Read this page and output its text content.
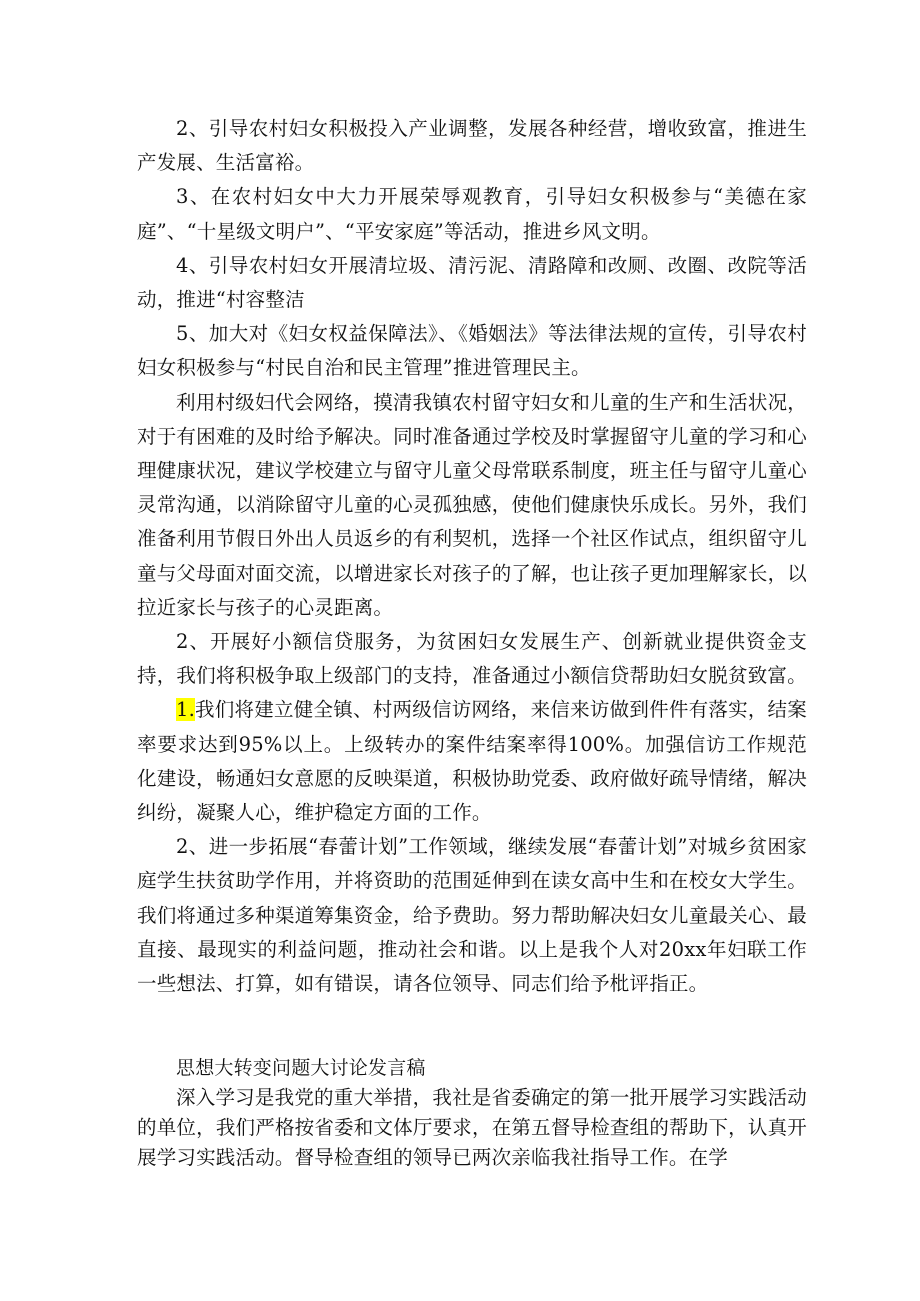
2、引导农村妇女积极投入产业调整，发展各种经营，增收致富，推进生产发展、生活富裕。

3、在农村妇女中大力开展荣辱观教育，引导妇女积极参与“美德在家庭”、“十星级文明户”、“平安家庭”等活动，推进乡风文明。

4、引导农村妇女开展清垃圾、清污泥、清路障和改厕、改圈、改院等活动，推进“村容整洁

5、加大对《妇女权益保障法》、《婚姻法》等法律法规的宣传，引导农村妇女积极参与“村民自治和民主管理”推进管理民主。

利用村级妇代会网络，摸清我镇农村留守妇女和儿童的生产和生活状况，对于有困难的及时给予解决。同时准备通过学校及时掌握留守儿童的学习和心理健康状况，建议学校建立与留守儿童父母常联系制度，班主任与留守儿童心灵常沟通，以消除留守儿童的心灵孤独感，使他们健康快乐成长。另外，我们准备利用节假日外出人员返乡的有利契机，选择一个社区作试点，组织留守儿童与父母面对面交流，以增进家长对孩子的了解，也让孩子更加理解家长，以拉近家长与孩子的心灵距离。

2、开展好小额信贷服务，为贫困妇女发展生产、创新就业提供资金支持，我们将积极争取上级部门的支持，准备通过小额信贷帮助妇女脱贫致富。

1.我们将建立健全镇、村两级信访网络，来信来访做到件件有落实，结案率要求达到95%以上。上级转办的案件结案率得100%。加强信访工作规范化建设，畅通妇女意愿的反映渠道，积极协助党委、政府做好疏导情绪，解决纠纷，凝聚人心，维护稳定方面的工作。

2、进一步拓展“春蕾计划”工作领域，继续发展“春蕾计划”对城乡贫困家庭学生扶贫助学作用，并将资助的范围延伸到在读女高中生和在校女大学生。我们将通过多种渠道筹集资金，给予费助。努力帮助解决妇女儿童最关心、最直接、最现实的利益问题，推动社会和谐。以上是我个人对20xx年妇联工作一些想法、打算，如有错误，请各位领导、同志们给予枇评指正。

思想大转变问题大讨论发言稿

深入学习是我党的重大举措，我社是省委确定的第一批开展学习实践活动的单位，我们严格按省委和文体厅要求，在第五督导检查组的帮助下，认真开展学习实践活动。督导检查组的领导已两次亲临我社指导工作。在学
